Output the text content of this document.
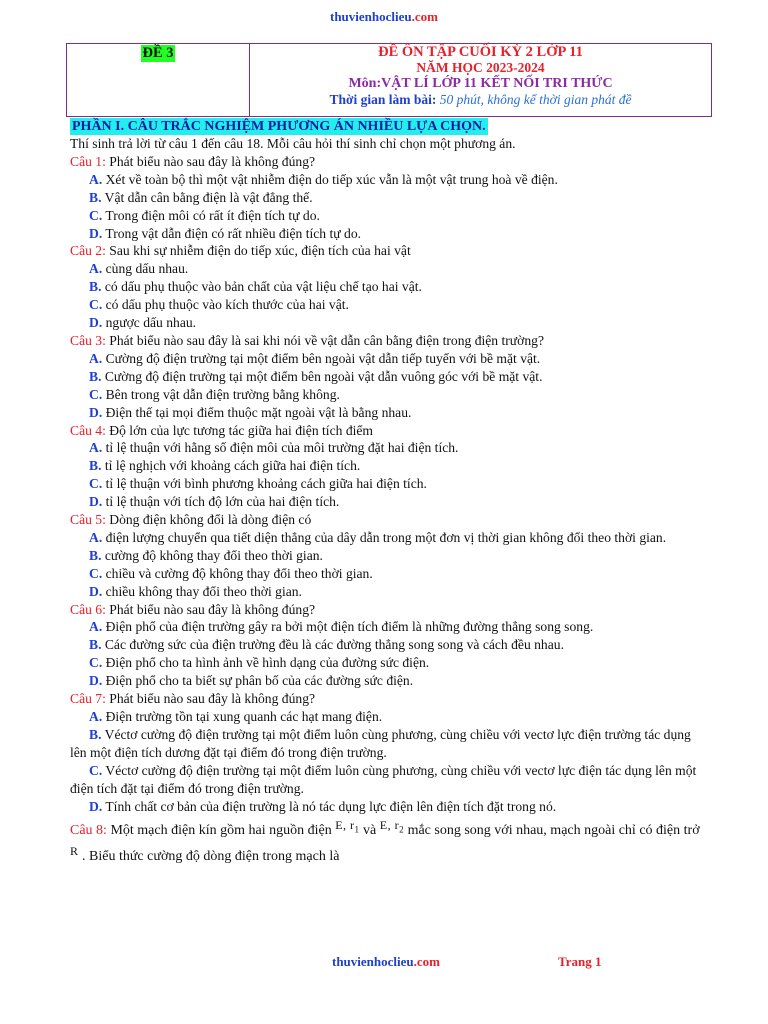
thuvienhoclieu.com
ĐỀ 3	ĐỀ ÔN TẬP CUỐI KỲ 2 LỚP 11
NĂM HỌC 2023-2024
Môn:VẬT LÍ LỚP 11 KẾT NỐI TRI THỨC
Thời gian làm bài: 50 phút, không kể thời gian phát đề
PHẦN I. CÂU TRẮC NGHIỆM PHƯƠNG ÁN NHIỀU LỰA CHỌN.

Thí sinh trả lời từ câu 1 đến câu 18. Mỗi câu hỏi thí sinh chỉ chọn một phương án.

Câu 1: Phát biểu nào sau đây là không đúng?

A. Xét về toàn bộ thì một vật nhiễm điện do tiếp xúc vẫn là một vật trung hoà về điện.

B. Vật dẫn cân bằng điện là vật đẳng thế.

C. Trong điện môi có rất ít điện tích tự do.

D. Trong vật dẫn điện có rất nhiều điện tích tự do.

Câu 2: Sau khi sự nhiễm điện do tiếp xúc, điện tích của hai vật

A. cùng dấu nhau.

B. có dấu phụ thuộc vào bản chất của vật liệu chế tạo hai vật.

C. có dấu phụ thuộc vào kích thước của hai vật.

D. ngược dấu nhau.

Câu 3: Phát biểu nào sau đây là sai khi nói về vật dẫn cân bằng điện trong điện trường?

A. Cường độ điện trường tại một điểm bên ngoài vật dẫn tiếp tuyến với bề mặt vật.

B. Cường độ điện trường tại một điểm bên ngoài vật dẫn vuông góc với bề mặt vật.

C. Bên trong vật dẫn điện trường bằng không.

D. Điện thế tại mọi điểm thuộc mặt ngoài vật là bằng nhau.

Câu 4: Độ lớn của lực tương tác giữa hai điện tích điểm

A. tỉ lệ thuận với hằng số điện môi của môi trường đặt hai điện tích.

B. tỉ lệ nghịch với khoảng cách giữa hai điện tích.

C. tỉ lệ thuận với bình phương khoảng cách giữa hai điện tích.

D. tỉ lệ thuận với tích độ lớn của hai điện tích.

Câu 5: Dòng điện không đổi là dòng điện có

A. điện lượng chuyển qua tiết diện thẳng của dây dẫn trong một đơn vị thời gian không đổi theo thời gian.

B. cường độ không thay đổi theo thời gian.

C. chiều và cường độ không thay đổi theo thời gian.

D. chiều không thay đổi theo thời gian.

Câu 6: Phát biểu nào sau đây là không đúng?

A. Điện phổ của điện trường gây ra bởi một điện tích điểm là những đường thẳng song song.

B. Các đường sức của điện trường đều là các đường thẳng song song và cách đều nhau.

C. Điện phổ cho ta hình ảnh về hình dạng của đường sức điện.

D. Điện phổ cho ta biết sự phân bố của các đường sức điện.

Câu 7: Phát biểu nào sau đây là không đúng?

A. Điện trường tồn tại xung quanh các hạt mang điện.

B. Véctơ cường độ điện trường tại một điểm luôn cùng phương, cùng chiều với vectơ lực điện trường tác dụng lên một điện tích dương đặt tại điểm đó trong điện trường.

C. Véctơ cường độ điện trường tại một điểm luôn cùng phương, cùng chiều với vectơ lực điện tác dụng lên một điện tích đặt tại điểm đó trong điện trường.

D. Tính chất cơ bản của điện trường là nó tác dụng lực điện lên điện tích đặt trong nó.

Câu 8: Một mạch điện kín gồm hai nguồn điện E, $r_1$ và E, $r_2$ mắc song song với nhau, mạch ngoài chỉ có điện trở R . Biểu thức cường độ dòng điện trong mạch là

thuvienhoclieu.com	Trang 1
